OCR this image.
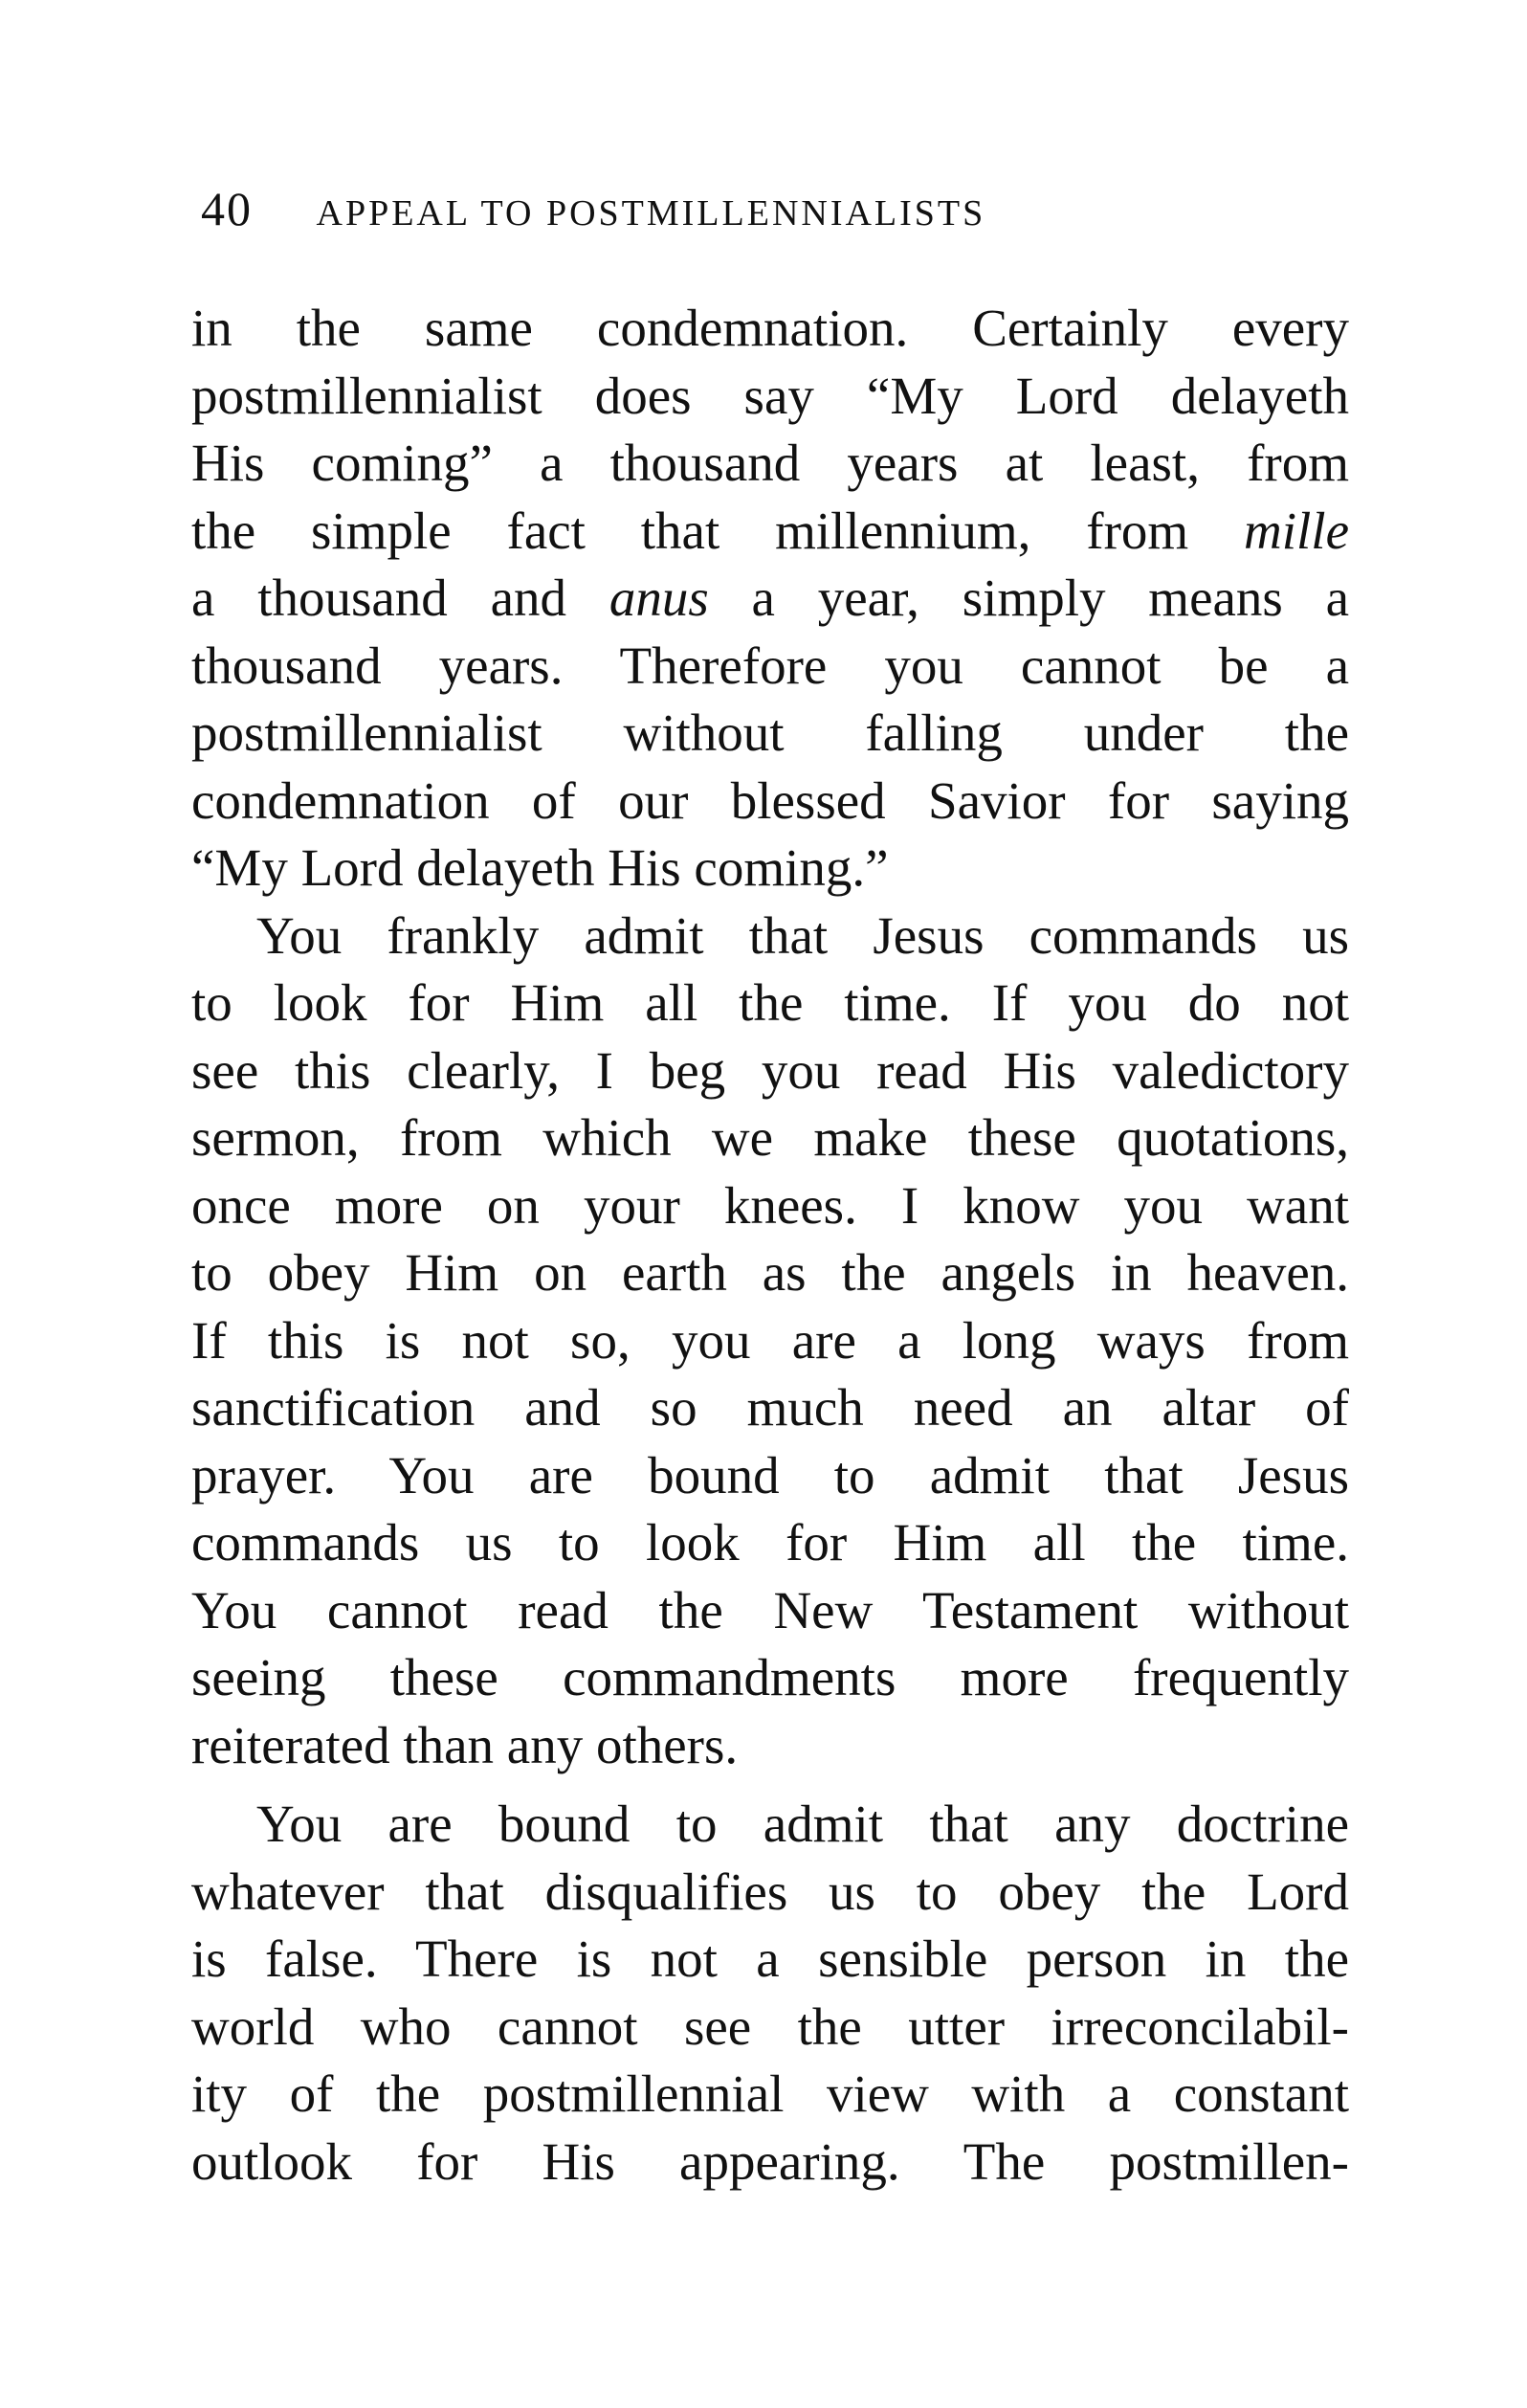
40 APPEAL TO POSTMILLENNIALISTS
in the same condemnation. Certainly every
postmillennialist does say “My Lord delayeth
His coming” a thousand years at least, from
the simple fact that millennium, from mille
a thousand and anus a year, simply means a
thousand years. Therefore you cannot be a
postmillennialist without falling under the
condemnation of our blessed Savior for saying
“My Lord delayeth His coming.”
You frankly admit that Jesus commands us
to look for Him all the time. If you do not
see this clearly, I beg you read His valedictory
sermon, from which we make these quotations,
once more on your knees. I know you want
to obey Him on earth as the angels in heaven.
If this is not so, you are a long ways from
sanctification and so much need an altar of
prayer. You are bound to admit that Jesus
commands us to look for Him all the time.
You cannot read the New Testament without
seeing these commandments more frequently
reiterated than any others.
You are bound to admit that any doctrine
whatever that disqualifies us to obey the Lord
is false. There is not a sensible person in the
world who cannot see the utter irreconcilabil-
ity of the postmillennial view with a constant
outlook for His appearing. The postmillen-
